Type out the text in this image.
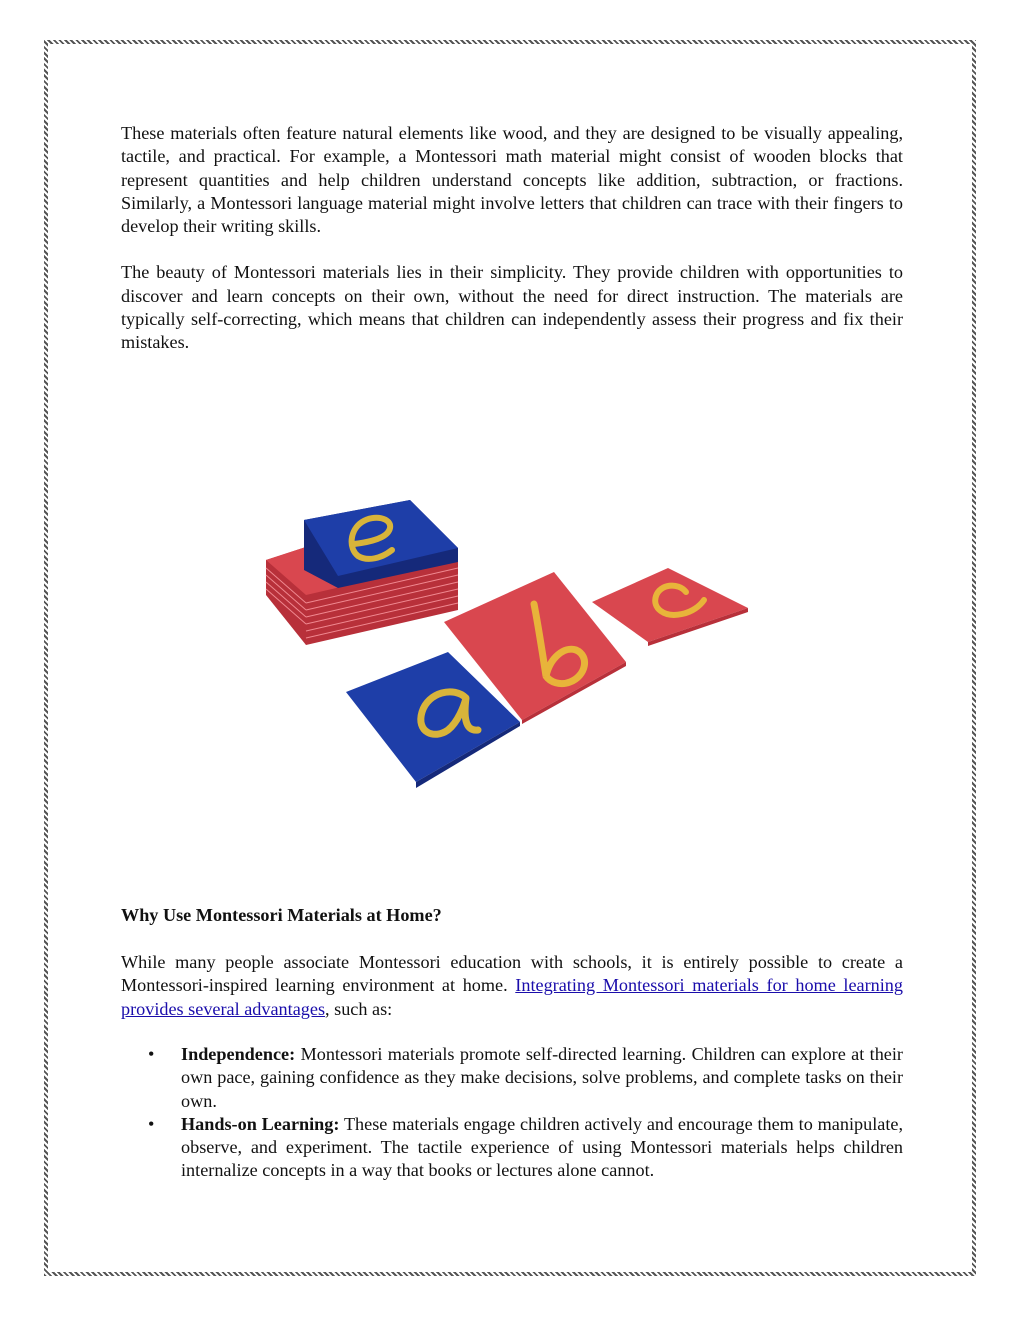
These materials often feature natural elements like wood, and they are designed to be visually appealing, tactile, and practical. For example, a Montessori math material might consist of wooden blocks that represent quantities and help children understand concepts like addition, subtraction, or fractions. Similarly, a Montessori language material might involve letters that children can trace with their fingers to develop their writing skills.

The beauty of Montessori materials lies in their simplicity. They provide children with opportunities to discover and learn concepts on their own, without the need for direct instruction. The materials are typically self-correcting, which means that children can independently assess their progress and fix their mistakes.

Why Use Montessori Materials at Home?

While many people associate Montessori education with schools, it is entirely possible to create a Montessori-inspired learning environment at home. Integrating Montessori materials for home learning provides several advantages, such as:

• Independence: Montessori materials promote self-directed learning. Children can explore at their own pace, gaining confidence as they make decisions, solve problems, and complete tasks on their own.
• Hands-on Learning: These materials engage children actively and encourage them to manipulate, observe, and experiment. The tactile experience of using Montessori materials helps children internalize concepts in a way that books or lectures alone cannot.
